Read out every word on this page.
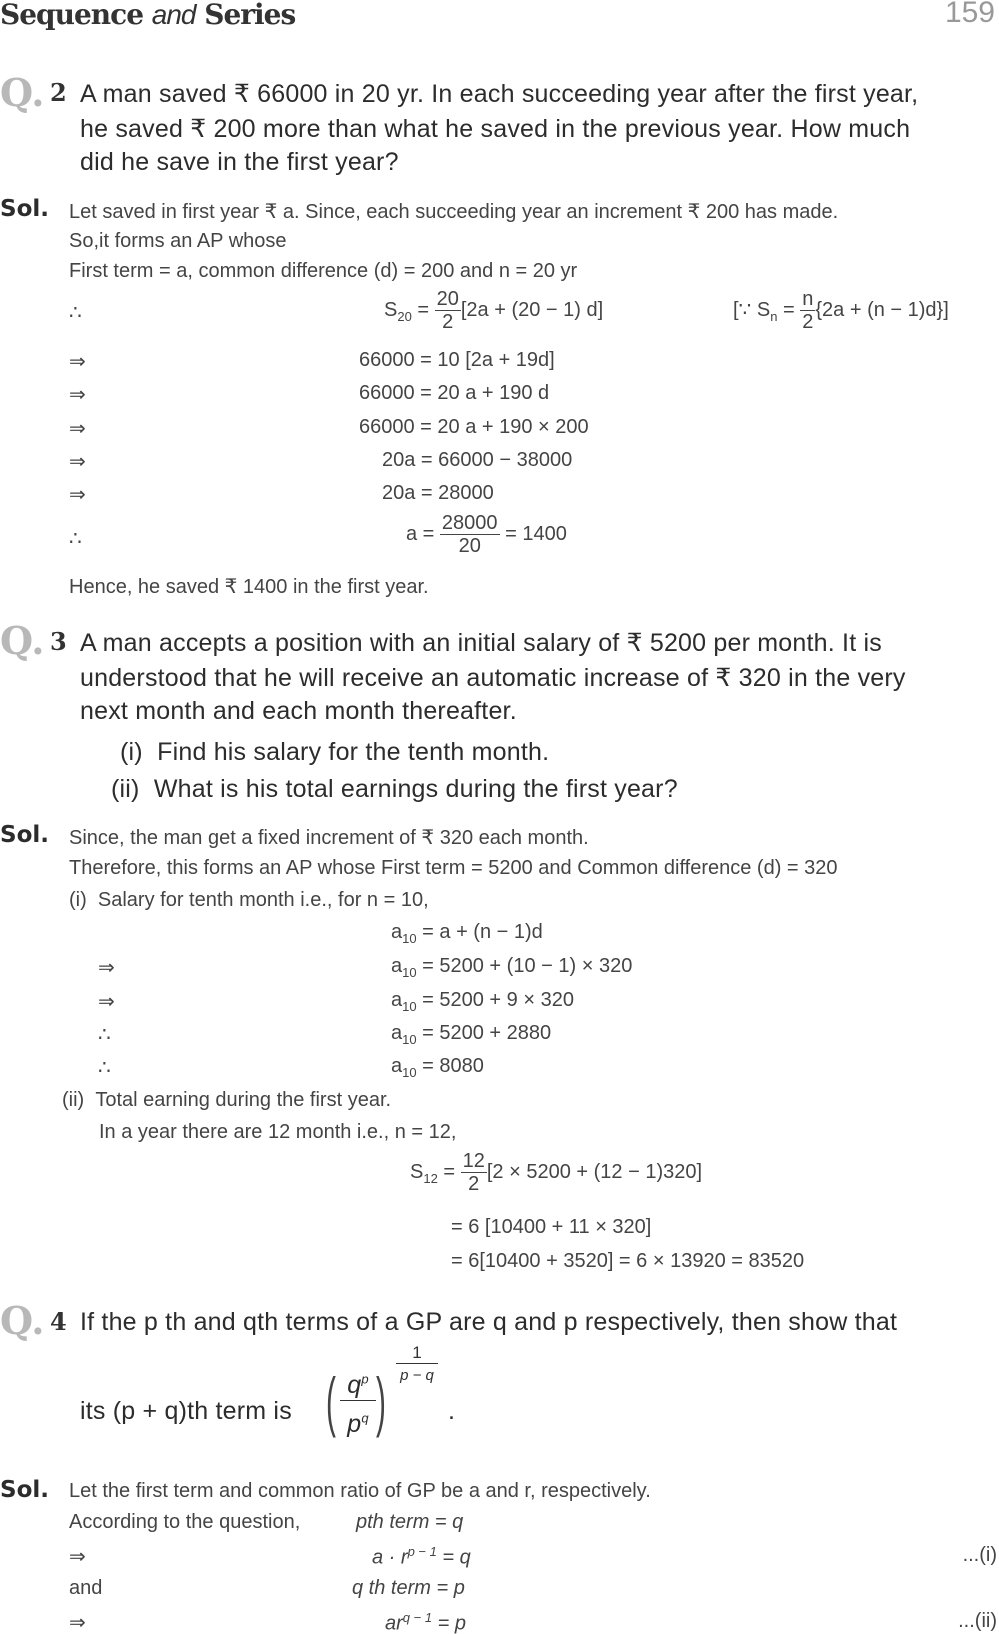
Sequence and Series	159
Q. 2 A man saved ₹ 66000 in 20 yr. In each succeeding year after the first year,
he saved ₹ 200 more than what he saved in the previous year. How much
did he save in the first year?
Sol. Let saved in first year ₹ a. Since, each succeeding year an increment ₹ 200 has made.
So,it forms an AP whose
First term = a, common difference (d) = 200 and n = 20 yr
∴	$S_{20} = \frac{20}{2} [2a + (20 - 1)$ d]	[∵ $S_n = \frac{n}{2} \{2a + (n - 1)d\}$]
⇒	66000 = 10 [2a + 19d]
⇒	66000 = 20 a + 190 d
⇒	66000 = 20 a + 190 × 200
⇒	20a = 66000 − 38000
⇒	20a = 28000
∴	$a = \frac{28000}{20} = 1400$
Hence, he saved ₹ 1400 in the first year.
Q. 3 A man accepts a position with an initial salary of ₹ 5200 per month. It is
understood that he will receive an automatic increase of ₹ 320 in the very
next month and each month thereafter.
(i) Find his salary for the tenth month.
(ii) What is his total earnings during the first year?
Sol. Since, the man get a fixed increment of ₹ 320 each month.
Therefore, this forms an AP whose First term = 5200 and Common difference (d) = 320
(i) Salary for tenth month i.e., for n = 10,
$a_{10} = a + (n - 1)d$
⇒	$a_{10} = 5200 + (10 - 1) \times 320$
⇒	$a_{10} = 5200 + 9 \times 320$
∴	$a_{10} = 5200 + 2880$
∴	$a_{10} = 8080$
(ii) Total earning during the first year.
In a year there are 12 month i.e., n = 12,
$S_{12} = \frac{12}{2} [2 \times 5200 + (12 - 1)320]$
= 6 [10400 + 11 × 320]
= 6[10400 + 3520] = 6 × 13920 = 83520
Q. 4 If the p th and qth terms of a GP are q and p respectively, then show that
its (p + q)th term is ( $q^p$
$p^q$ )
1
p − q
.
Sol. Let the first term and common ratio of GP be a and r, respectively.
According to the question,	pth term = q
⇒	$a \cdot r^{p - 1} = q$	...(i)
and	q th term = p
⇒	$ar^{q - 1} = p$	...(ii)
